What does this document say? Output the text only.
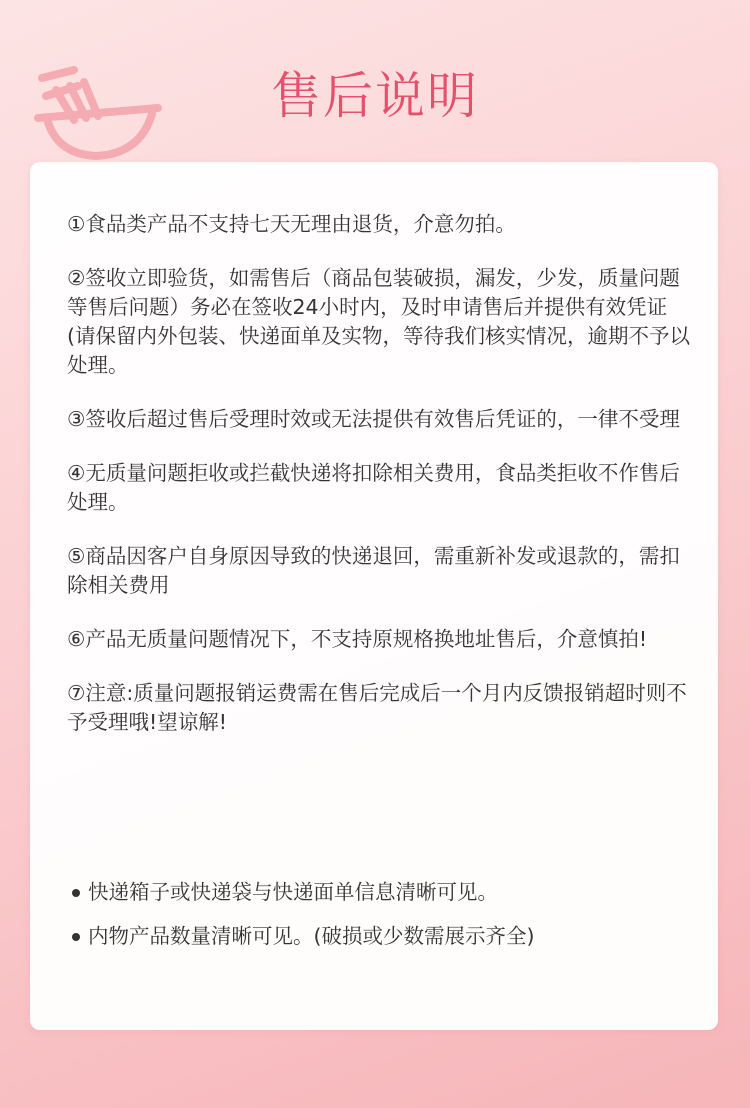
售后说明
①食品类产品不支持七天无理由退货，介意勿拍。
②签收立即验货，如需售后（商品包装破损，漏发，少发，质量问题等售后问题）务必在签收24小时内，及时申请售后并提供有效凭证(请保留内外包装、快递面单及实物，等待我们核实情况，逾期不予以处理。
③签收后超过售后受理时效或无法提供有效售后凭证的，一律不受理
④无质量问题拒收或拦截快递将扣除相关费用，食品类拒收不作售后处理。
⑤商品因客户自身原因导致的快递退回，需重新补发或退款的，需扣除相关费用
⑥产品无质量问题情况下，不支持原规格换地址售后，介意慎拍!
⑦注意:质量问题报销运费需在售后完成后一个月内反馈报销超时则不予受理哦!望谅解!
快递箱子或快递袋与快递面单信息清晰可见。
内物产品数量清晰可见。(破损或少数需展示齐全)
